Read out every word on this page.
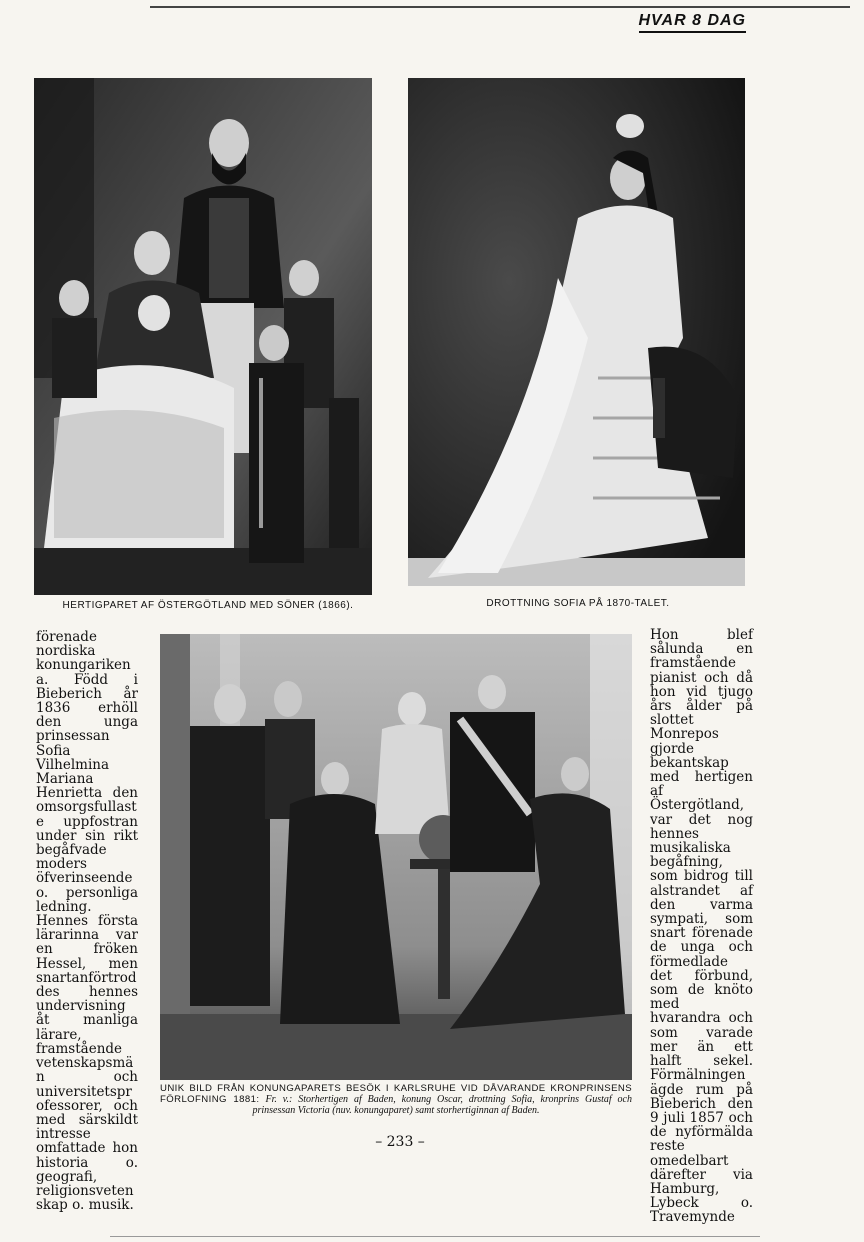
HVAR 8 DAG
HERTIGPARET AF ÖSTERGÖTLAND MED SÖNER (1866).	DROTTNING SOFIA PÅ 1870-TALET.
förenade nordiska konungarikena. Född i Bieberich år 1836 erhöll den unga prinsessan Sofia Vilhelmina Mariana Henrietta den omsorgsfullaste uppfostran under sin rikt begåfvade moders öfverinseende o. personliga ledning. Hennes första lärarinna var en fröken Hessel, men snartanförtroddes hennes undervisning åt manliga lärare, framstående vetenskapsmän och universitetsprofessorer, och med särskildt intresse omfattade hon historia o. geografi, religionsvetenskap o. musik.
UNIK BILD FRÅN KONUNGAPARETS BESÖK I KARLSRUHE VID DÅVARANDE KRONPRINSENS FÖRLOFNING 1881: Fr. v.: Storhertigen af Baden, konung Oscar, drottning Sofia, kronprins Gustaf och prinsessan Victoria (nuv. konungaparet) samt storhertiginnan af Baden.
Hon blef sålunda en framstående pianist och då hon vid tjugo års ålder på slottet Monrepos gjorde bekantskap med hertigen af Östergötland, var det nog hennes musikaliska begåfning, som bidrog till alstrandet af den varma sympati, som snart förenade de unga och förmedlade det förbund, som de knöto med hvarandra och som varade mer än ett halft sekel. Förmälningen ägde rum på Bieberich den 9 juli 1857 och de nyförmälda reste omedelbart därefter via Hamburg, Lybeck o. Travemynde
– 233 –
